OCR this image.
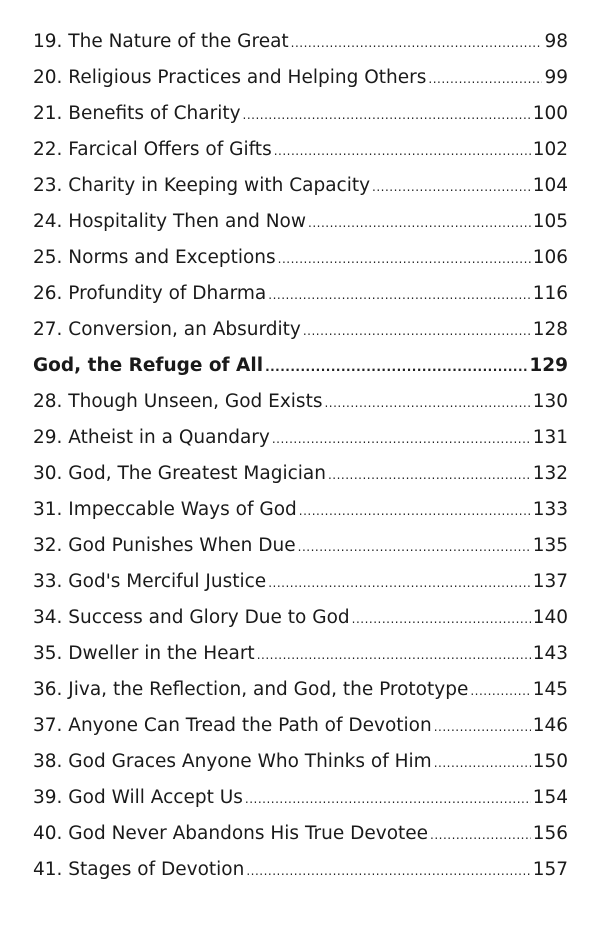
19. The Nature of the Great .....	98
20. Religious Practices and Helping Others .....	99
21. Benefits of Charity .....	100
22. Farcical Offers of Gifts .....	102
23. Charity in Keeping with Capacity .....	104
24. Hospitality Then and Now .....	105
25. Norms and Exceptions .....	106
26. Profundity of Dharma .....	116
27. Conversion, an Absurdity .....	128
God, the Refuge of All .....	129
28. Though Unseen, God Exists .....	130
29. Atheist in a Quandary .....	131
30. God, The Greatest Magician .....	132
31. Impeccable Ways of God .....	133
32. God Punishes When Due .....	135
33. God's Merciful Justice .....	137
34. Success and Glory Due to God .....	140
35. Dweller in the Heart .....	143
36. Jiva, the Reflection, and God, the Prototype .....	145
37. Anyone Can Tread the Path of Devotion .....	146
38. God Graces Anyone Who Thinks of Him .....	150
39. God Will Accept Us .....	154
40. God Never Abandons His True Devotee .....	156
41. Stages of Devotion .....	157
